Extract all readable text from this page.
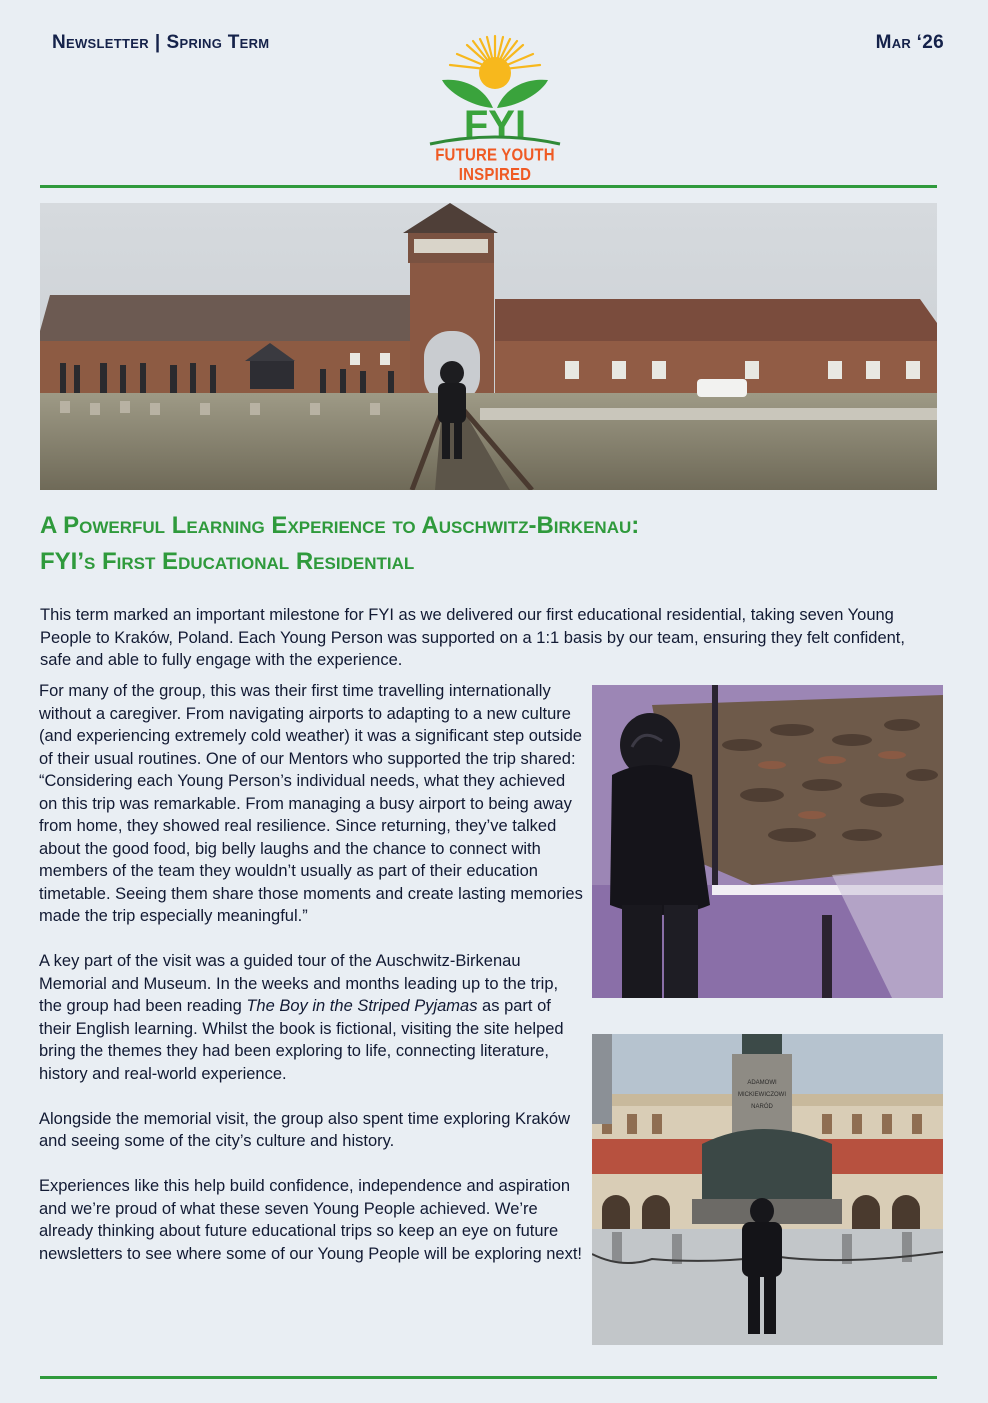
Newsletter | Spring Term	Mar ‘26
FYI
FUTURE YOUTH INSPIRED
A Powerful Learning Experience to Auschwitz-Birkenau:
FYI’s First Educational Residential

This term marked an important milestone for FYI as we delivered our first educational residential, taking seven Young People to Kraków, Poland. Each Young Person was supported on a 1:1 basis by our team, ensuring they felt confident, safe and able to fully engage with the experience.

For many of the group, this was their first time travelling internationally without a caregiver. From navigating airports to adapting to a new culture (and experiencing extremely cold weather) it was a significant step outside of their usual routines. One of our Mentors who supported the trip shared: “Considering each Young Person’s individual needs, what they achieved on this trip was remarkable. From managing a busy airport to being away from home, they showed real resilience. Since returning, they’ve talked about the good food, big belly laughs and the chance to connect with members of the team they wouldn’t usually as part of their education timetable. Seeing them share those moments and create lasting memories made the trip especially meaningful.”

A key part of the visit was a guided tour of the Auschwitz-Birkenau Memorial and Museum. In the weeks and months leading up to the trip, the group had been reading The Boy in the Striped Pyjamas as part of their English learning. Whilst the book is fictional, visiting the site helped bring the themes they had been exploring to life, connecting literature, history and real-world experience.

Alongside the memorial visit, the group also spent time exploring Kraków and seeing some of the city’s culture and history.

Experiences like this help build confidence, independence and aspiration and we’re proud of what these seven Young People achieved. We’re already thinking about future educational trips so keep an eye on future newsletters to see where some of our Young People will be exploring next!

ADAMOWI
MICKIEWICZOWI
NARÓD
